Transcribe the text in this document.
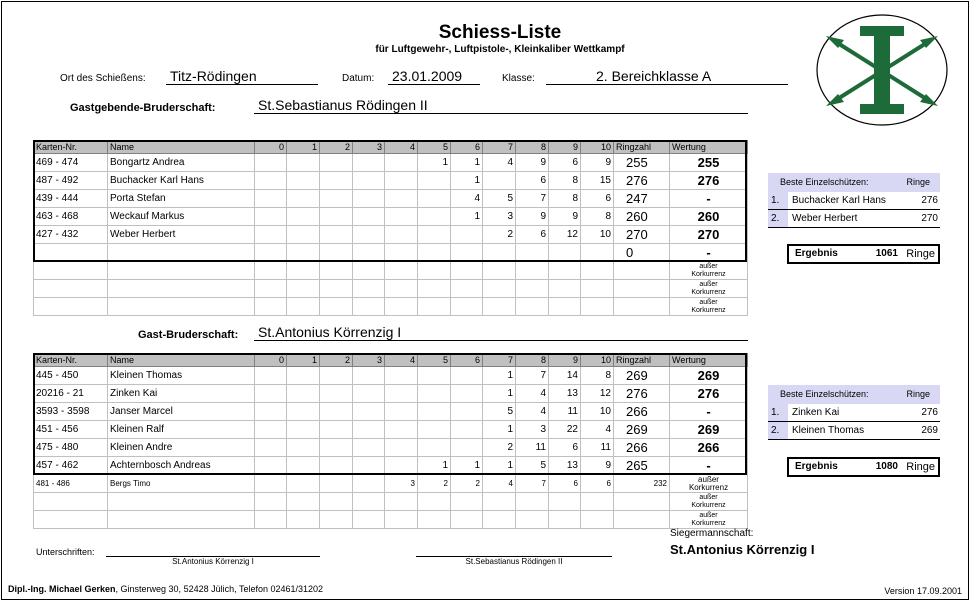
Schiess-Liste
für Luftgewehr-, Luftpistole-, Kleinkaliber Wettkampf
Ort des Schießens: Titz-Rödingen	Datum: 23.01.2009	Klasse:	2. Bereichklasse A
Gastgebende-Bruderschaft:	St.Sebastianus Rödingen II
Karten-Nr.	Name	0	1	2	3	4	5	6	7	8	9	10	Ringzahl	Wertung
469 - 474	Bongartz Andrea						1	1	4	9	6	9	255	255
487 - 492	Buchacker Karl Hans							1		6	8	15	276	276
439 - 444	Porta Stefan							4	5	7	8	6	247	-
463 - 468	Weckauf Markus							1	3	9	9	8	260	260
427 - 432	Weber Herbert								2	6	12	10	270	270
													0	-

														außer
Korkurrenz

														außer
Korkurrenz

														außer
Korkurrenz
Beste Einzelschützen:	Ringe
1.	Buchacker Karl Hans	276
2.	Weber Herbert	270
Ergebnis	1061 Ringe
Gast-Bruderschaft: St.Antonius Körrenzig I
Karten-Nr.	Name	0	1	2	3	4	5	6	7	8	9	10	Ringzahl	Wertung
445 - 450	Kleinen Thomas								1	7	14	8	269	269
20216 - 21	Zinken Kai								1	4	13	12	276	276
3593 - 3598	Janser Marcel								5	4	11	10	266	-
451 - 456	Kleinen Ralf								1	3	22	4	269	269
475 - 480	Kleinen Andre								2	11	6	11	266	266
457 - 462	Achternbosch Andreas						1	1	1	5	13	9	265	-
481 - 486	Bergs Timo					3	2	2	4	7	6	6	232	außer
Korkurrenz

														außer
Korkurrenz

														außer
Korkurrenz
Beste Einzelschützen:	Ringe
1.	Zinken Kai	276
2.	Kleinen Thomas	269
Ergebnis	1080 Ringe
Siegermannschaft:
St.Antonius Körrenzig I
Unterschriften:
St.Antonius Körrenzig I	St.Sebastianus Rödingen II
Dipl.-Ing. Michael Gerken, Ginsterweg 30, 52428 Jülich, Telefon 02461/31202	Version 17.09.2001
